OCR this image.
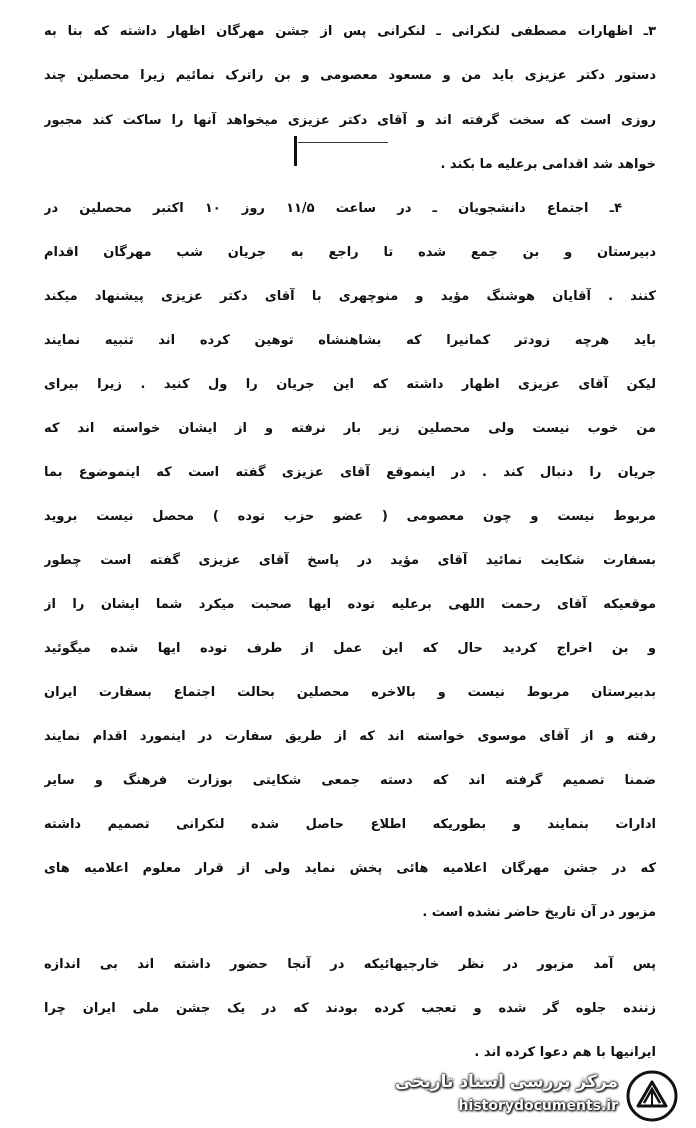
۳ـ اظهارات مصطفی لنکرانی ـ لنکرانی پس از جشن مهرگان اظهار داشته که بنا به
دستور دکتر عزیزی باید من و مسعود معصومی و بن راترک نمائیم زیرا محصلین چند
روزی است که سخت گرفته اند و آقای دکتر عزیزی میخواهد آنها را ساکت کند مجبور
خواهد شد اقدامی برعلیه ما بکند .
۴ـ اجتماع دانشجویان ـ در ساعت ۱۱/۵ روز ۱۰ اکتبر محصلین در
دبیرستان و بن جمع شده تا راجع به جریان شب مهرگان اقدام
کنند . آقایان هوشنگ مؤید و منوچهری با آقای دکتر عزیزی پیشنهاد میکند
باید هرچه زودتر کمانیرا که بشاهنشاه توهین کرده اند تنبیه نمایند
لیکن آقای عزیزی اظهار داشته که این جریان را ول کنید . زیرا بیرای
من خوب نیست ولی محصلین زیر بار نرفته و از ایشان خواسته اند که
جریان را دنبال کند . در اینموقع آقای عزیزی گفته است که اینموضوع بما
مربوط نیست و چون معصومی ( عضو حزب توده ) محصل نیست بروید
بسفارت شکایت نمائید آقای مؤید در پاسخ آقای عزیزی گفته است چطور
موقعیکه آقای رحمت اللهی برعلیه توده ایها صحبت میکرد شما ایشان را از
و بن اخراج کردید حال که این عمل از طرف توده ایها شده میگوئید
بدبیرستان مربوط نیست و بالاخره محصلین بحالت اجتماع بسفارت ایران
رفته و از آقای موسوی خواسته اند که از طریق سفارت در اینمورد اقدام نمایند
ضمنا تصمیم گرفته اند که دسته جمعی شکایتی بوزارت فرهنگ و سایر
ادارات بنمایند و بطوریکه اطلاع حاصل شده لنکرانی تصمیم داشته
که در جشن مهرگان اعلامیه هائی پخش نماید ولی از قرار معلوم اعلامیه های
مزبور در آن تاریخ حاضر نشده است .
پس آمد مزبور در نظر خارجیهائیکه در آنجا حضور داشته اند بی اندازه
زننده جلوه گر شده و تعجب کرده بودند که در یک جشن ملی ایران چرا
ایرانیها با هم دعوا کرده اند .
مرکز بررسی اسناد تاریخی
historydocuments.ir
